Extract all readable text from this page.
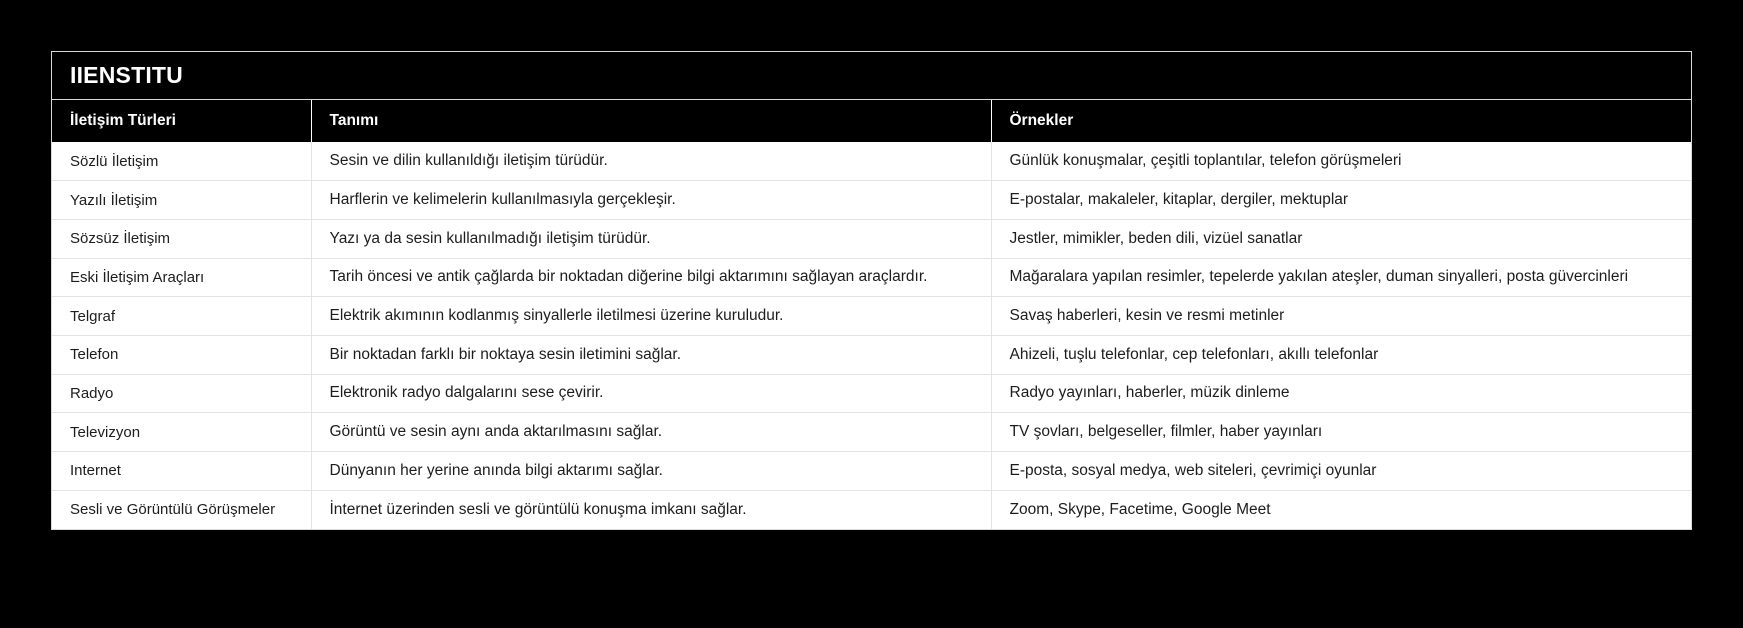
IIENSTITU
İletişim Türleri	Tanımı	Örnekler
Sözlü İletişim	Sesin ve dilin kullanıldığı iletişim türüdür.	Günlük konuşmalar, çeşitli toplantılar, telefon görüşmeleri
Yazılı İletişim	Harflerin ve kelimelerin kullanılmasıyla gerçekleşir.	E-postalar, makaleler, kitaplar, dergiler, mektuplar
Sözsüz İletişim	Yazı ya da sesin kullanılmadığı iletişim türüdür.	Jestler, mimikler, beden dili, vizüel sanatlar
Eski İletişim Araçları	Tarih öncesi ve antik çağlarda bir noktadan diğerine bilgi aktarımını sağlayan araçlardır.	Mağaralara yapılan resimler, tepelerde yakılan ateşler, duman sinyalleri, posta güvercinleri
Telgraf	Elektrik akımının kodlanmış sinyallerle iletilmesi üzerine kuruludur.	Savaş haberleri, kesin ve resmi metinler
Telefon	Bir noktadan farklı bir noktaya sesin iletimini sağlar.	Ahizeli, tuşlu telefonlar, cep telefonları, akıllı telefonlar
Radyo	Elektronik radyo dalgalarını sese çevirir.	Radyo yayınları, haberler, müzik dinleme
Televizyon	Görüntü ve sesin aynı anda aktarılmasını sağlar.	TV şovları, belgeseller, filmler, haber yayınları
Internet	Dünyanın her yerine anında bilgi aktarımı sağlar.	E-posta, sosyal medya, web siteleri, çevrimiçi oyunlar
Sesli ve Görüntülü Görüşmeler	İnternet üzerinden sesli ve görüntülü konuşma imkanı sağlar.	Zoom, Skype, Facetime, Google Meet
